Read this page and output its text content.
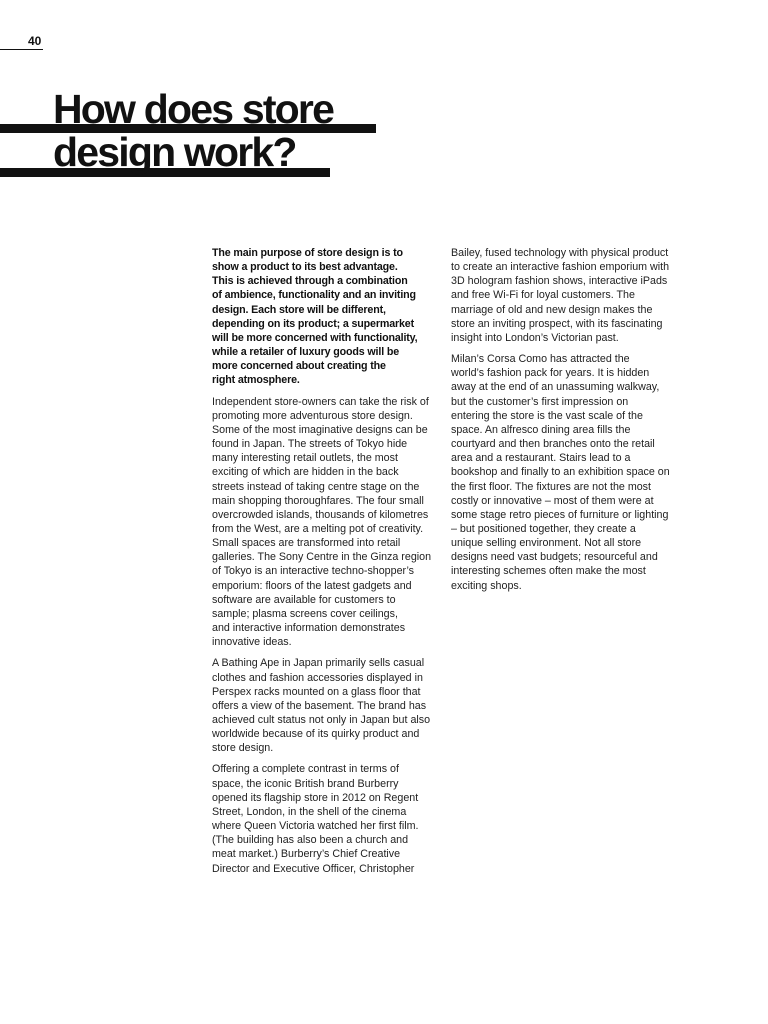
40
How does store
design work?

The main purpose of store design is to
show a product to its best advantage.
This is achieved through a combination
of ambience, functionality and an inviting
design. Each store will be different,
depending on its product; a supermarket
will be more concerned with functionality,
while a retailer of luxury goods will be
more concerned about creating the
right atmosphere.

Independent store-owners can take the risk of
promoting more adventurous store design.
Some of the most imaginative designs can be
found in Japan. The streets of Tokyo hide
many interesting retail outlets, the most
exciting of which are hidden in the back
streets instead of taking centre stage on the
main shopping thoroughfares. The four small
overcrowded islands, thousands of kilometres
from the West, are a melting pot of creativity.
Small spaces are transformed into retail
galleries. The Sony Centre in the Ginza region
of Tokyo is an interactive techno-shopper’s
emporium: floors of the latest gadgets and
software are available for customers to
sample; plasma screens cover ceilings,
and interactive information demonstrates
innovative ideas.

A Bathing Ape in Japan primarily sells casual
clothes and fashion accessories displayed in
Perspex racks mounted on a glass floor that
offers a view of the basement. The brand has
achieved cult status not only in Japan but also
worldwide because of its quirky product and
store design.

Offering a complete contrast in terms of
space, the iconic British brand Burberry
opened its flagship store in 2012 on Regent
Street, London, in the shell of the cinema
where Queen Victoria watched her first film.
(The building has also been a church and
meat market.) Burberry’s Chief Creative
Director and Executive Officer, Christopher

Bailey, fused technology with physical product
to create an interactive fashion emporium with
3D hologram fashion shows, interactive iPads
and free Wi-Fi for loyal customers. The
marriage of old and new design makes the
store an inviting prospect, with its fascinating
insight into London’s Victorian past.

Milan’s Corsa Como has attracted the
world’s fashion pack for years. It is hidden
away at the end of an unassuming walkway,
but the customer’s first impression on
entering the store is the vast scale of the
space. An alfresco dining area fills the
courtyard and then branches onto the retail
area and a restaurant. Stairs lead to a
bookshop and finally to an exhibition space on
the first floor. The fixtures are not the most
costly or innovative – most of them were at
some stage retro pieces of furniture or lighting
– but positioned together, they create a
unique selling environment. Not all store
designs need vast budgets; resourceful and
interesting schemes often make the most
exciting shops.
